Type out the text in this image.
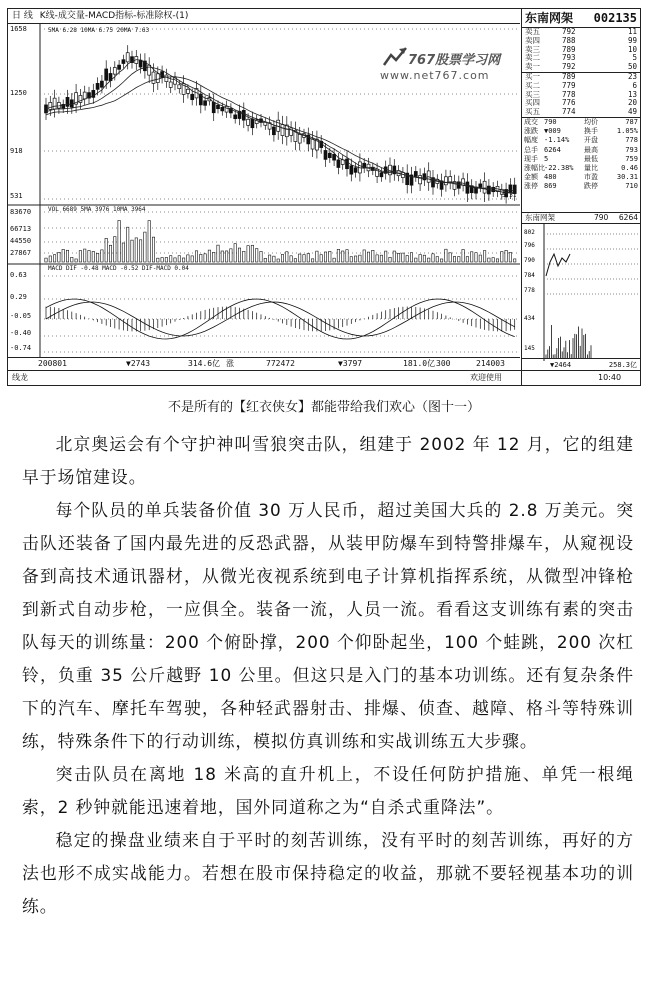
日 线 K线-成交量-MACD指标-标准除权-(1)
5MA 6.28 10MA 6.75 20MA 7.63
VOL 6689 5MA 3976 10MA 3964
MACD DIF -0.48 MACD -0.52 DIF-MACD 0.04
1658
1250
918
531
83670
66713
44550
27867
0.63
0.29
-0.05
-0.40
-0.74
5.31
767股票学习网
www.net767.com
东南网架 002135
卖五	792	11
卖四	788	99
卖三	789	10
卖二	793	5
卖一	792	50
买一	789	23
买二	779	6
买三	778	13
买四	776	20
买五	774	49
成交 790	均价	787
涨跌 ▼009	换手	1.05%
幅度 -1.14% 开盘	778
总手 6264	最高	793
现手 5	最低	759
涨幅比 -22.38% 量比	0.46
金额 480	市盈	30.31
涨停 869	跌停	710
东南网架	790 6264
802
796
790
784
778
434
145
▼2464	258.3亿
200801	▼2743	314.6亿 涨	772472	▼3797	181.0亿 300	214003
线龙	欢迎使用	10:40
不是所有的【红衣侠女】都能带给我们欢心（图十一）

北京奥运会有个守护神叫雪狼突击队，组建于 2002 年 12 月，它的组建早于场馆建设。

每个队员的单兵装备价值 30 万人民币，超过美国大兵的 2.8 万美元。突击队还装备了国内最先进的反恐武器，从装甲防爆车到特警排爆车，从窥视设备到高技术通讯器材，从微光夜视系统到电子计算机指挥系统，从微型冲锋枪到新式自动步枪，一应俱全。装备一流，人员一流。看看这支训练有素的突击队每天的训练量：200 个俯卧撑，200 个仰卧起坐，100 个蛙跳，200 次杠铃，负重 35 公斤越野 10 公里。但这只是入门的基本功训练。还有复杂条件下的汽车、摩托车驾驶，各种轻武器射击、排爆、侦查、越障、格斗等特殊训练，特殊条件下的行动训练，模拟仿真训练和实战训练五大步骤。

突击队员在离地 18 米高的直升机上，不设任何防护措施、单凭一根绳索，2 秒钟就能迅速着地，国外同道称之为“自杀式重降法”。

稳定的操盘业绩来自于平时的刻苦训练，没有平时的刻苦训练，再好的方法也形不成实战能力。若想在股市保持稳定的收益，那就不要轻视基本功的训练。
